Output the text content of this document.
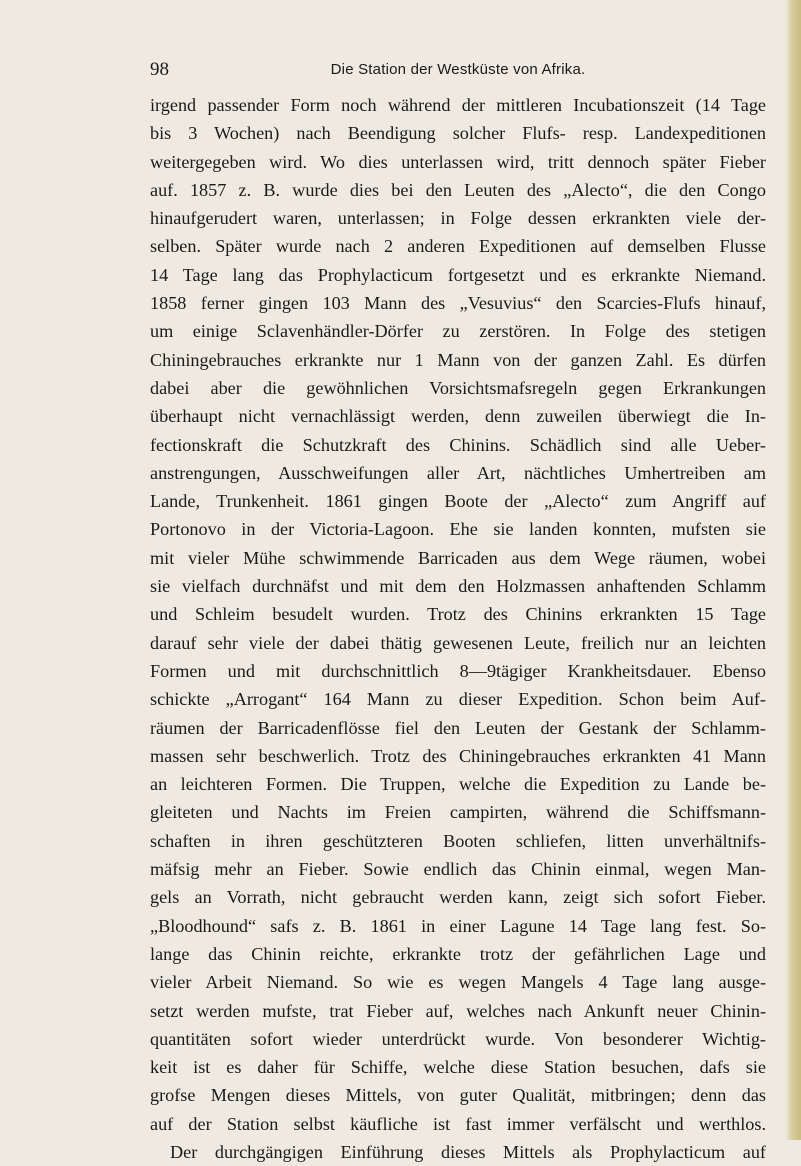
98	Die Station der Westküste von Afrika.
irgend passender Form noch während der mittleren Incubationszeit (14 Tage
bis 3 Wochen) nach Beendigung solcher Flufs- resp. Landexpeditionen
weitergegeben wird. Wo dies unterlassen wird, tritt dennoch später Fieber
auf. 1857 z. B. wurde dies bei den Leuten des „Alecto“, die den Congo
hinaufgerudert waren, unterlassen; in Folge dessen erkrankten viele der-
selben. Später wurde nach 2 anderen Expeditionen auf demselben Flusse
14 Tage lang das Prophylacticum fortgesetzt und es erkrankte Niemand.
1858 ferner gingen 103 Mann des „Vesuvius“ den Scarcies-Flufs hinauf,
um einige Sclavenhändler-Dörfer zu zerstören. In Folge des stetigen
Chiningebrauches erkrankte nur 1 Mann von der ganzen Zahl. Es dürfen
dabei aber die gewöhnlichen Vorsichtsmafsregeln gegen Erkrankungen
überhaupt nicht vernachlässigt werden, denn zuweilen überwiegt die In-
fectionskraft die Schutzkraft des Chinins. Schädlich sind alle Ueber-
anstrengungen, Ausschweifungen aller Art, nächtliches Umhertreiben am
Lande, Trunkenheit. 1861 gingen Boote der „Alecto“ zum Angriff auf
Portonovo in der Victoria-Lagoon. Ehe sie landen konnten, mufsten sie
mit vieler Mühe schwimmende Barricaden aus dem Wege räumen, wobei
sie vielfach durchnäfst und mit dem den Holzmassen anhaftenden Schlamm
und Schleim besudelt wurden. Trotz des Chinins erkrankten 15 Tage
darauf sehr viele der dabei thätig gewesenen Leute, freilich nur an leichten
Formen und mit durchschnittlich 8—9tägiger Krankheitsdauer. Ebenso
schickte „Arrogant“ 164 Mann zu dieser Expedition. Schon beim Auf-
räumen der Barricadenflösse fiel den Leuten der Gestank der Schlamm-
massen sehr beschwerlich. Trotz des Chiningebrauches erkrankten 41 Mann
an leichteren Formen. Die Truppen, welche die Expedition zu Lande be-
gleiteten und Nachts im Freien campirten, während die Schiffsmann-
schaften in ihren geschützteren Booten schliefen, litten unverhältnifs-
mäfsig mehr an Fieber. Sowie endlich das Chinin einmal, wegen Man-
gels an Vorrath, nicht gebraucht werden kann, zeigt sich sofort Fieber.
„Bloodhound“ safs z. B. 1861 in einer Lagune 14 Tage lang fest. So-
lange das Chinin reichte, erkrankte trotz der gefährlichen Lage und
vieler Arbeit Niemand. So wie es wegen Mangels 4 Tage lang ausge-
setzt werden mufste, trat Fieber auf, welches nach Ankunft neuer Chinin-
quantitäten sofort wieder unterdrückt wurde. Von besonderer Wichtig-
keit ist es daher für Schiffe, welche diese Station besuchen, dafs sie
grofse Mengen dieses Mittels, von guter Qualität, mitbringen; denn das
auf der Station selbst käufliche ist fast immer verfälscht und werthlos.
Der durchgängigen Einführung dieses Mittels als Prophylacticum auf
